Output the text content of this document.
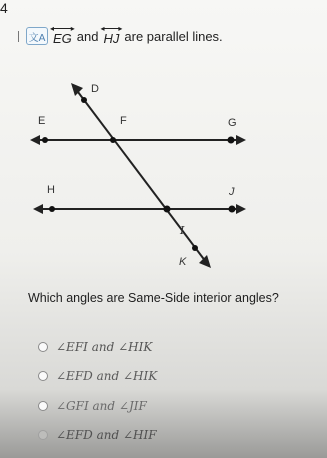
4
文A
◂
EG
▸ and ◂
HJ
▸ are parallel lines.
D
E	F	G
H	J
I
K
Which angles are Same-Side interior angles?
∠EFI and ∠HIK
∠EFD and ∠HIK
∠GFI and ∠JIF
∠EFD and ∠HIF
